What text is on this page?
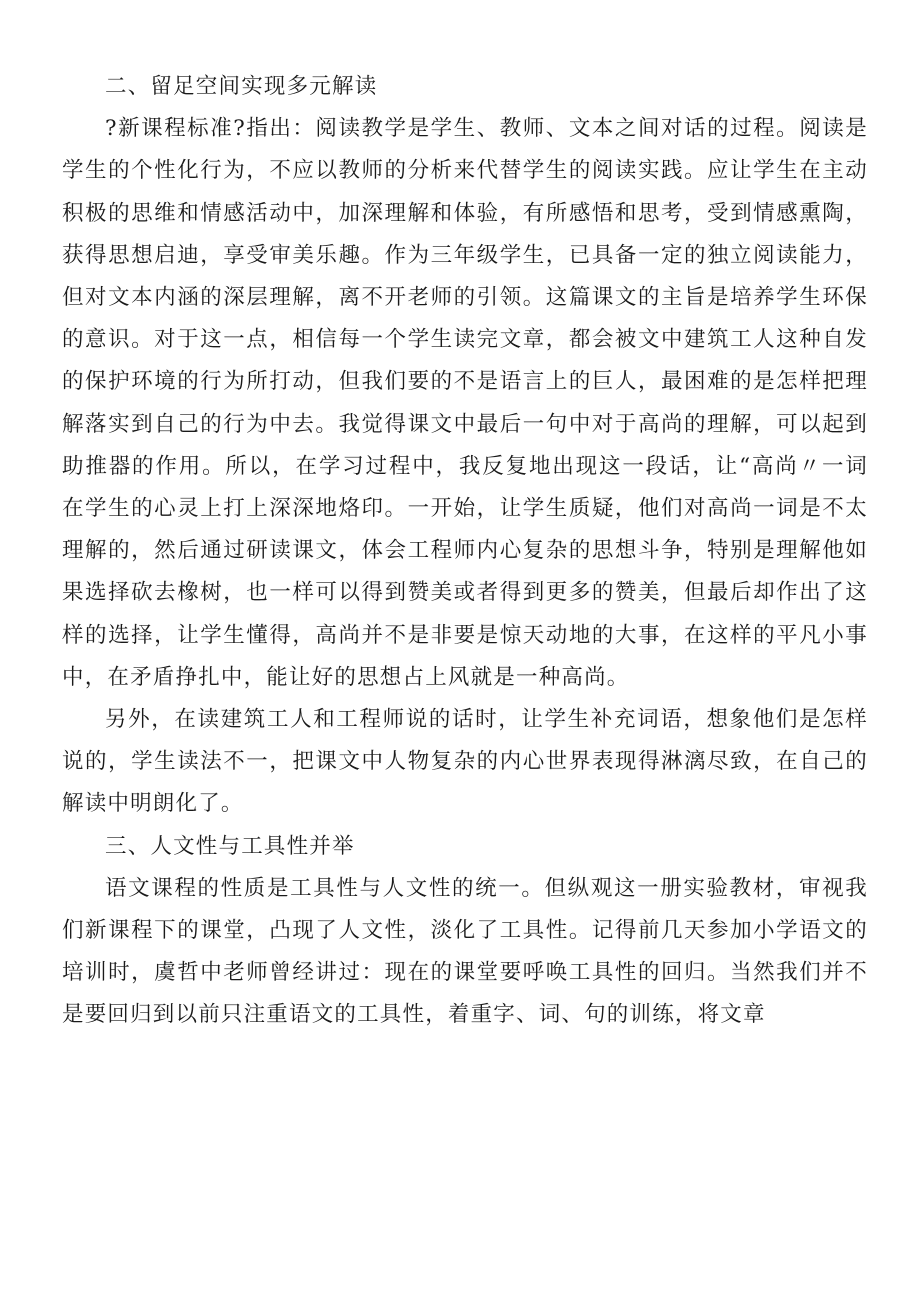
二、留足空间实现多元解读

?新课程标准?指出：阅读教学是学生、教师、文本之间对话的过程。阅读是学生的个性化行为，不应以教师的分析来代替学生的阅读实践。应让学生在主动积极的思维和情感活动中，加深理解和体验，有所感悟和思考，受到情感熏陶，获得思想启迪，享受审美乐趣。作为三年级学生，已具备一定的独立阅读能力，但对文本内涵的深层理解，离不开老师的引领。这篇课文的主旨是培养学生环保的意识。对于这一点，相信每一个学生读完文章，都会被文中建筑工人这种自发的保护环境的行为所打动，但我们要的不是语言上的巨人，最困难的是怎样把理解落实到自己的行为中去。我觉得课文中最后一句中对于高尚的理解，可以起到助推器的作用。所以，在学习过程中，我反复地出现这一段话，让“高尚〃一词在学生的心灵上打上深深地烙印。一开始，让学生质疑，他们对高尚一词是不太理解的，然后通过研读课文，体会工程师内心复杂的思想斗争，特别是理解他如果选择砍去橡树，也一样可以得到赞美或者得到更多的赞美，但最后却作出了这样的选择，让学生懂得，高尚并不是非要是惊天动地的大事，在这样的平凡小事中，在矛盾挣扎中，能让好的思想占上风就是一种高尚。

另外，在读建筑工人和工程师说的话时，让学生补充词语，想象他们是怎样说的，学生读法不一，把课文中人物复杂的内心世界表现得淋漓尽致，在自己的解读中明朗化了。

三、人文性与工具性并举

语文课程的性质是工具性与人文性的统一。但纵观这一册实验教材，审视我们新课程下的课堂，凸现了人文性，淡化了工具性。记得前几天参加小学语文的培训时，虞哲中老师曾经讲过：现在的课堂要呼唤工具性的回归。当然我们并不是要回归到以前只注重语文的工具性，着重字、词、句的训练，将文章
